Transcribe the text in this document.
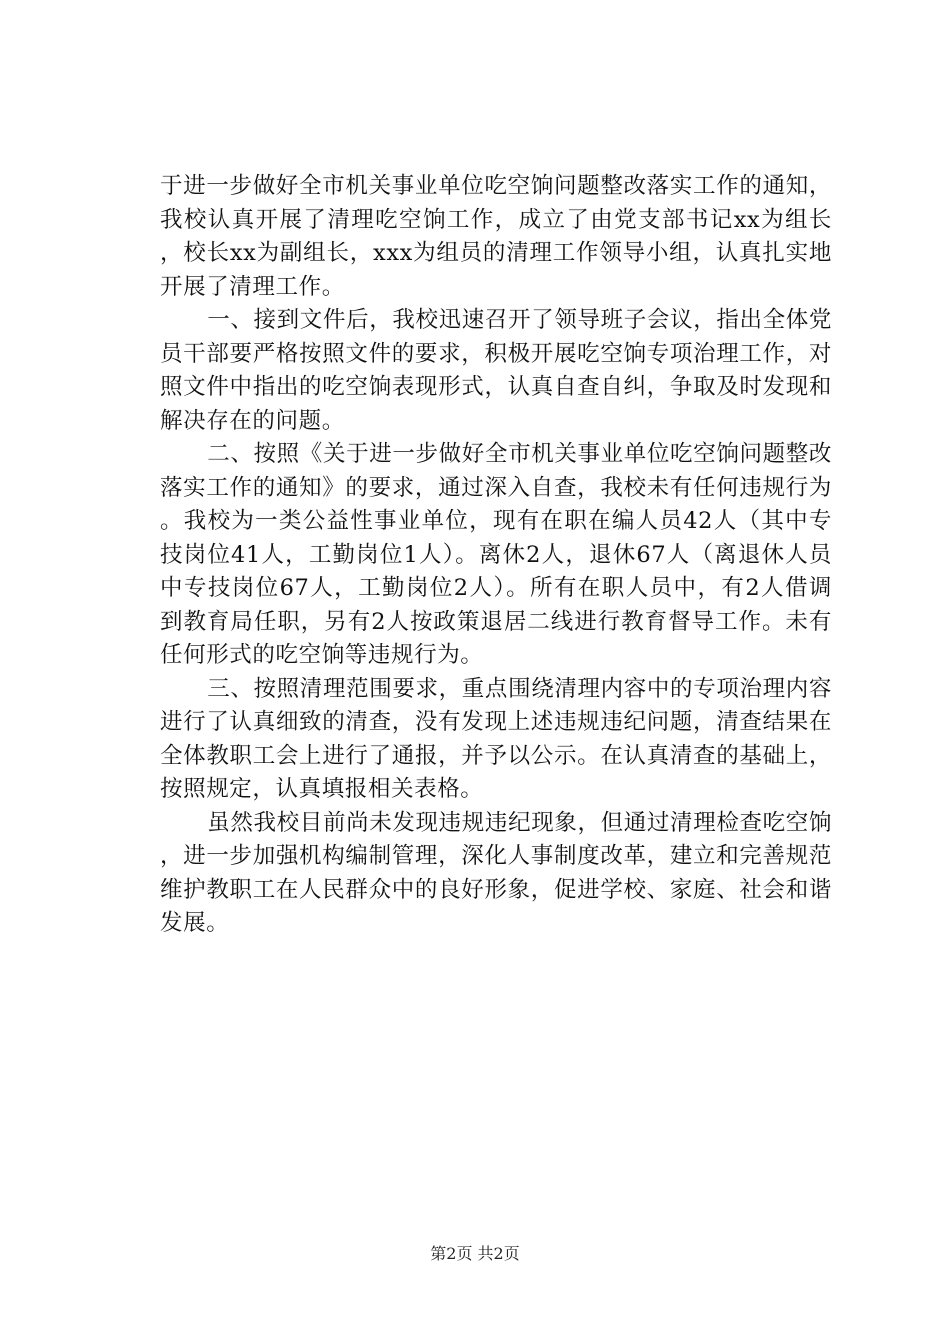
于进一步做好全市机关事业单位吃空饷问题整改落实工作的通知，我校认真开展了清理吃空饷工作，成立了由党支部书记xx为组长，校长xx为副组长，xxx为组员的清理工作领导小组，认真扎实地开展了清理工作。

一、接到文件后，我校迅速召开了领导班子会议，指出全体党员干部要严格按照文件的要求，积极开展吃空饷专项治理工作，对照文件中指出的吃空饷表现形式，认真自查自纠，争取及时发现和解决存在的问题。

二、按照《关于进一步做好全市机关事业单位吃空饷问题整改落实工作的通知》的要求，通过深入自查，我校未有任何违规行为。我校为一类公益性事业单位，现有在职在编人员42人（其中专技岗位41人，工勤岗位1人）。离休2人，退休67人（离退休人员中专技岗位67人，工勤岗位2人）。所有在职人员中，有2人借调到教育局任职，另有2人按政策退居二线进行教育督导工作。未有任何形式的吃空饷等违规行为。

三、按照清理范围要求，重点围绕清理内容中的专项治理内容进行了认真细致的清查，没有发现上述违规违纪问题，清查结果在全体教职工会上进行了通报，并予以公示。在认真清查的基础上，按照规定，认真填报相关表格。

虽然我校目前尚未发现违规违纪现象，但通过清理检查吃空饷，进一步加强机构编制管理，深化人事制度改革，建立和完善规范维护教职工在人民群众中的良好形象，促进学校、家庭、社会和谐发展。

第2页 共2页
